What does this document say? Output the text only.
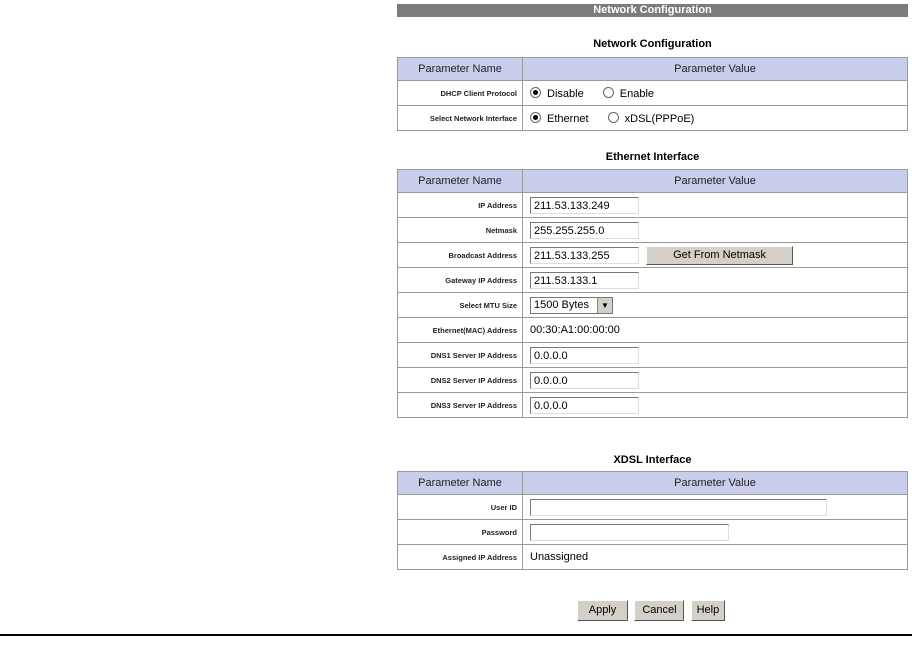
Network Configuration
Network Configuration
Parameter Name	Parameter Value
DHCP Client Protocol	Disable Enable
Select Network Interface	Ethernet xDSL(PPPoE)
Ethernet Interface
Parameter Name	Parameter Value
IP Address	211.53.133.249
Netmask	255.255.255.0
Broadcast Address	211.53.133.255 Get From Netmask
Gateway IP Address	211.53.133.1
Select MTU Size	1500 Bytes ▼

Ethernet(MAC) Address	00:30:A1:00:00:00
DNS1 Server IP Address	0.0.0.0
DNS2 Server IP Address	0.0.0.0
DNS3 Server IP Address	0.0.0.0
XDSL Interface
Parameter Name	Parameter Value
User ID	
Password	
Assigned IP Address	Unassigned
Apply Cancel Help
